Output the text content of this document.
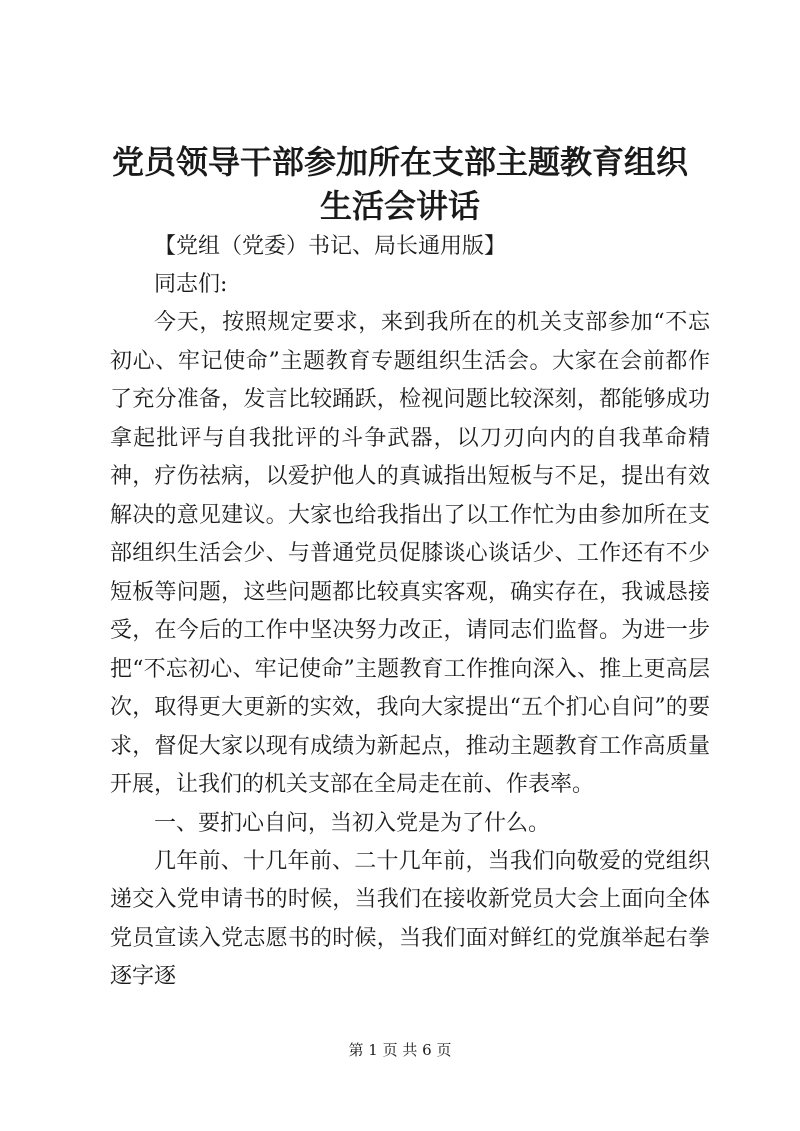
党员领导干部参加所在支部主题教育组织生活会讲话

【党组（党委）书记、局长通用版】

同志们:

今天，按照规定要求，来到我所在的机关支部参加“不忘初心、牢记使命”主题教育专题组织生活会。大家在会前都作了充分准备，发言比较踊跃，检视问题比较深刻，都能够成功拿起批评与自我批评的斗争武器，以刀刃向内的自我革命精神，疗伤祛病，以爱护他人的真诚指出短板与不足，提出有效解决的意见建议。大家也给我指出了以工作忙为由参加所在支部组织生活会少、与普通党员促膝谈心谈话少、工作还有不少短板等问题，这些问题都比较真实客观，确实存在，我诚恳接受，在今后的工作中坚决努力改正，请同志们监督。为进一步把“不忘初心、牢记使命”主题教育工作推向深入、推上更高层次，取得更大更新的实效，我向大家提出“五个扪心自问”的要求，督促大家以现有成绩为新起点，推动主题教育工作高质量开展，让我们的机关支部在全局走在前、作表率。

一、要扪心自问，当初入党是为了什么。

几年前、十几年前、二十几年前，当我们向敬爱的党组织递交入党申请书的时候，当我们在接收新党员大会上面向全体党员宣读入党志愿书的时候，当我们面对鲜红的党旗举起右拳逐字逐

第 1 页 共 6 页
